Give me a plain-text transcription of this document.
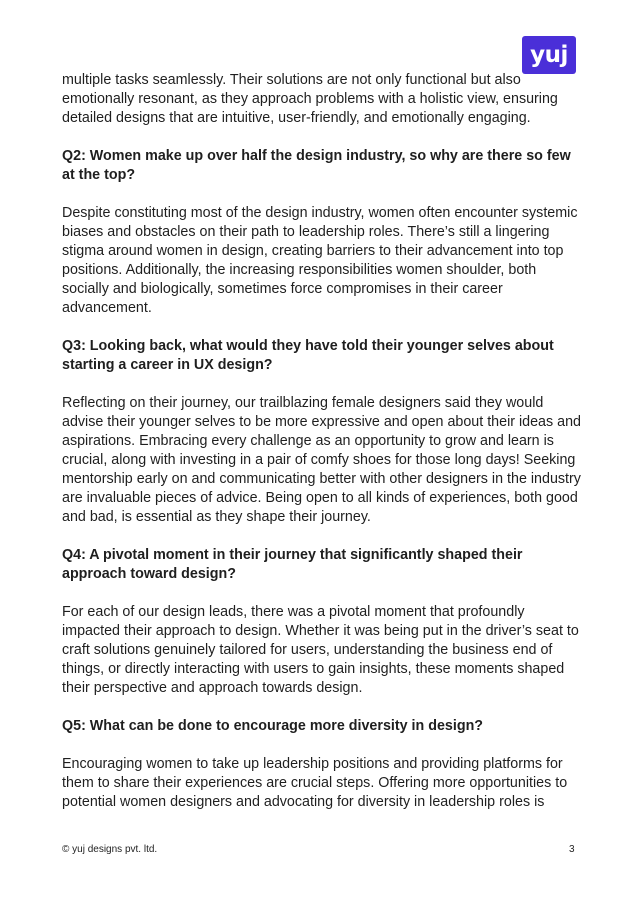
yuj

multiple tasks seamlessly. Their solutions are not only functional but also emotionally resonant, as they approach problems with a holistic view, ensuring detailed designs that are intuitive, user-friendly, and emotionally engaging.

Q2: Women make up over half the design industry, so why are there so few at the top?

Despite constituting most of the design industry, women often encounter systemic biases and obstacles on their path to leadership roles. There’s still a lingering stigma around women in design, creating barriers to their advancement into top positions. Additionally, the increasing responsibilities women shoulder, both socially and biologically, sometimes force compromises in their career advancement.

Q3: Looking back, what would they have told their younger selves about starting a career in UX design?

Reflecting on their journey, our trailblazing female designers said they would advise their younger selves to be more expressive and open about their ideas and aspirations. Embracing every challenge as an opportunity to grow and learn is crucial, along with investing in a pair of comfy shoes for those long days! Seeking mentorship early on and communicating better with other designers in the industry are invaluable pieces of advice. Being open to all kinds of experiences, both good and bad, is essential as they shape their journey.

Q4: A pivotal moment in their journey that significantly shaped their approach toward design?

For each of our design leads, there was a pivotal moment that profoundly impacted their approach to design. Whether it was being put in the driver’s seat to craft solutions genuinely tailored for users, understanding the business end of things, or directly interacting with users to gain insights, these moments shaped their perspective and approach towards design.

Q5: What can be done to encourage more diversity in design?

Encouraging women to take up leadership positions and providing platforms for them to share their experiences are crucial steps. Offering more opportunities to potential women designers and advocating for diversity in leadership roles is

© yuj designs pvt. ltd.	3
